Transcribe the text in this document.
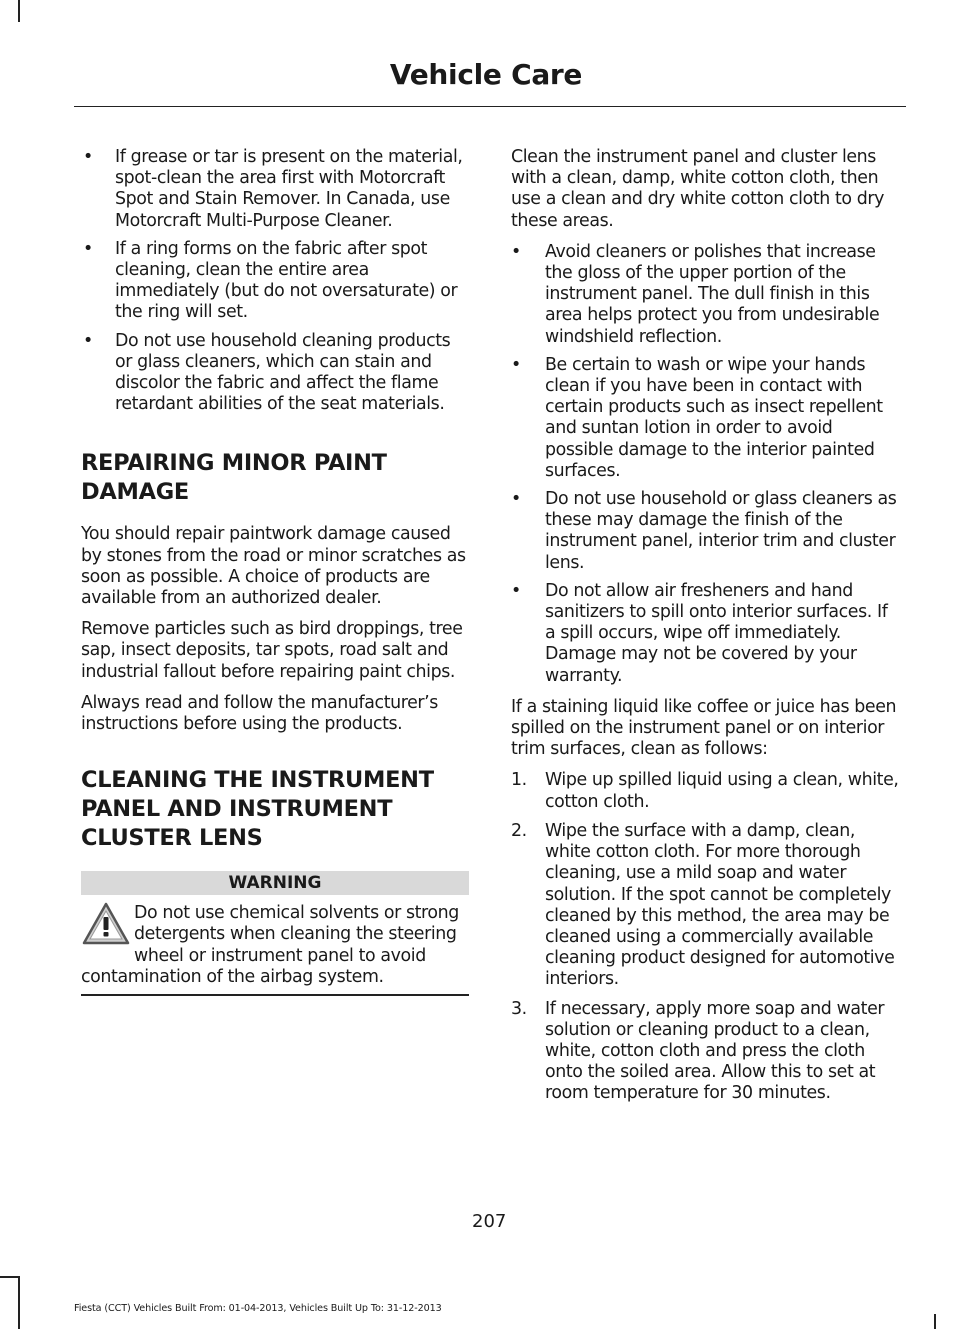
Vehicle Care
• If grease or tar is present on the material, spot-clean the area first with Motorcraft Spot and Stain Remover. In Canada, use Motorcraft Multi-Purpose Cleaner.
• If a ring forms on the fabric after spot cleaning, clean the entire area immediately (but do not oversaturate) or the ring will set.
• Do not use household cleaning products or glass cleaners, which can stain and discolor the fabric and affect the flame retardant abilities of the seat materials.
REPAIRING MINOR PAINT DAMAGE

You should repair paintwork damage caused by stones from the road or minor scratches as soon as possible. A choice of products are available from an authorized dealer.

Remove particles such as bird droppings, tree sap, insect deposits, tar spots, road salt and industrial fallout before repairing paint chips.

Always read and follow the manufacturer’s instructions before using the products.

CLEANING THE INSTRUMENT PANEL AND INSTRUMENT CLUSTER LENS
WARNING
Do not use chemical solvents or strong detergents when cleaning the steering wheel or instrument panel to avoid contamination of the airbag system.

Clean the instrument panel and cluster lens with a clean, damp, white cotton cloth, then use a clean and dry white cotton cloth to dry these areas.

• Avoid cleaners or polishes that increase the gloss of the upper portion of the instrument panel. The dull finish in this area helps protect you from undesirable windshield reflection.
• Be certain to wash or wipe your hands clean if you have been in contact with certain products such as insect repellent and suntan lotion in order to avoid possible damage to the interior painted surfaces.
• Do not use household or glass cleaners as these may damage the finish of the instrument panel, interior trim and cluster lens.
• Do not allow air fresheners and hand sanitizers to spill onto interior surfaces. If a spill occurs, wipe off immediately. Damage may not be covered by your warranty.

If a staining liquid like coffee or juice has been spilled on the instrument panel or on interior trim surfaces, clean as follows:

1. Wipe up spilled liquid using a clean, white, cotton cloth.
2. Wipe the surface with a damp, clean, white cotton cloth. For more thorough cleaning, use a mild soap and water solution. If the spot cannot be completely cleaned by this method, the area may be cleaned using a commercially available cleaning product designed for automotive interiors.
3. If necessary, apply more soap and water solution or cleaning product to a clean, white, cotton cloth and press the cloth onto the soiled area. Allow this to set at room temperature for 30 minutes.
207
Fiesta (CCT) Vehicles Built From: 01-04-2013, Vehicles Built Up To: 31-12-2013
